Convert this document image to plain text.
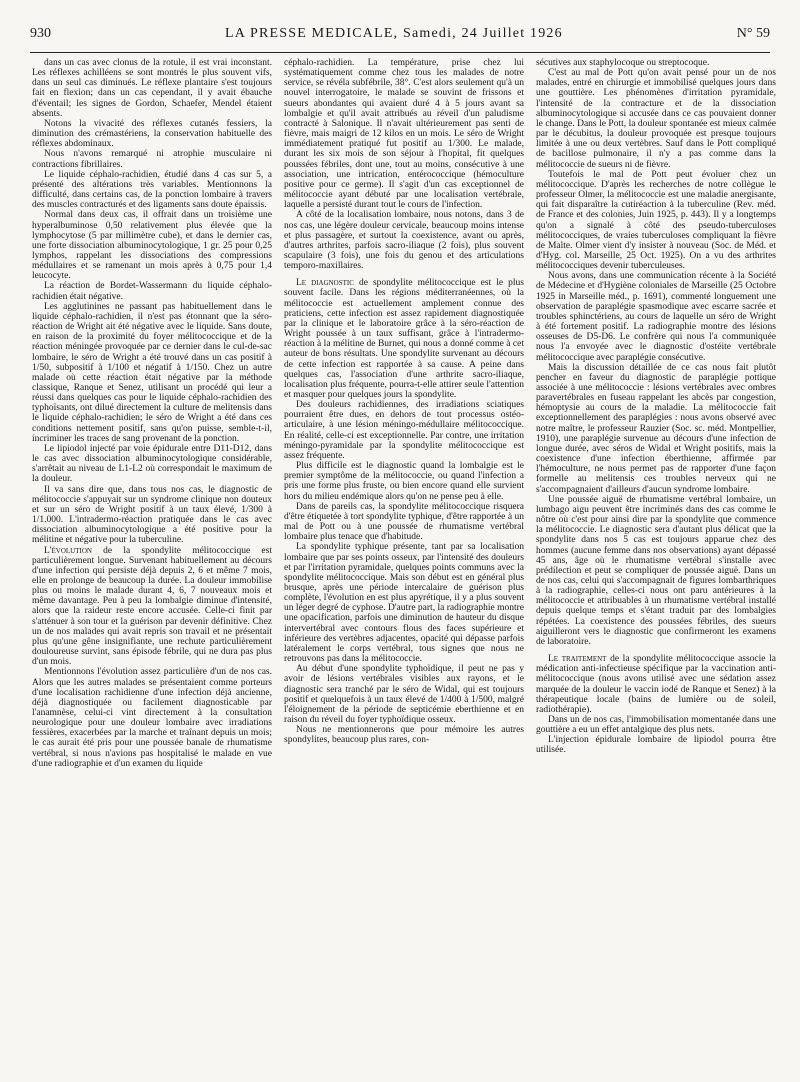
930	LA PRESSE MEDICALE, Samedi, 24 Juillet 1926	N° 59

dans un cas avec clonus de la rotule, il est vrai inconstant. Les réflexes achilléens se sont montrés le plus souvent vifs, dans un seul cas diminués. Le réflexe plantaire s'est toujours fait en flexion; dans un cas cependant, il y avait ébauche d'éventail; les signes de Gordon, Schaefer, Mendel étaient absents.

Notons la vivacité des réflexes cutanés fessiers, la diminution des crémastériens, la conservation habituelle des réflexes abdominaux.

Nous n'avons remarqué ni atrophie musculaire ni contractions fibrillaires.

Le liquide céphalo-rachidien, étudié dans 4 cas sur 5, a présenté des altérations très variables. Mentionnons la difficulté, dans certains cas, de la ponction lombaire à travers des muscles contracturés et des ligaments sans doute épaissis.

Normal dans deux cas, il offrait dans un troisième une hyperalbuminose 0,50 relativement plus élevée que la lymphocytose (5 par millimètre cube), et dans le dernier cas, une forte dissociation albuminocytologique, 1 gr. 25 pour 0,25 lymphos, rappelant les dissociations des compressions médullaires et se ramenant un mois après à 0,75 pour 1,4 leucocyte.

La réaction de Bordet-Wassermann du liquide céphalo-rachidien était négative.

Les agglutinines ne passant pas habituellement dans le liquide céphalo-rachidien, il n'est pas étonnant que la séro-réaction de Wright ait été négative avec le liquide. Sans doute, en raison de la proximité du foyer mélitococcique et de la réaction méningée provoquée par ce dernier dans le cul-de-sac lombaire, le séro de Wright a été trouvé dans un cas positif à 1/50, subpositif à 1/100 et négatif à 1/150. Chez un autre malade où cette réaction était négative par la méthode classique, Ranque et Senez, utilisant un procédé qui leur a réussi dans quelques cas pour le liquide céphalo-rachidien des typhoïsants, ont dilué directement la culture de melitensis dans le liquide céphalo-rachidien; le séro de Wright a été dans ces conditions nettement positif, sans qu'on puisse, semble-t-il, incriminer les traces de sang provenant de la ponction.

Le lipiodol injecté par voie épidurale entre D11-D12, dans le cas avec dissociation albuminocytologique considérable, s'arrêtait au niveau de L1-L2 où correspondait le maximum de la douleur.

Il va sans dire que, dans tous nos cas, le diagnostic de mélitococcie s'appuyait sur un syndrome clinique non douteux et sur un séro de Wright positif à un taux élevé, 1/300 à 1/1.000. L'intradermo-réaction pratiquée dans le cas avec dissociation albuminocytologique a été positive pour la mélitine et négative pour la tuberculine.

L'évolution de la spondylite mélitococcique est particulièrement longue. Survenant habituellement au décours d'une infection qui persiste déjà depuis 2, 6 et même 7 mois, elle en prolonge de beaucoup la durée. La douleur immobilise plus ou moins le malade durant 4, 6, 7 nouveaux mois et même davantage. Peu à peu la lombalgie diminue d'intensité, alors que la raideur reste encore accusée. Celle-ci finit par s'atténuer à son tour et la guérison par devenir définitive. Chez un de nos malades qui avait repris son travail et ne présentait plus qu'une gêne insignifiante, une rechute particulièrement douloureuse survint, sans épisode fébrile, qui ne dura pas plus d'un mois.

Mentionnons l'évolution assez particulière d'un de nos cas. Alors que les autres malades se présentaient comme porteurs d'une localisation rachidienne d'une infection déjà ancienne, déjà diagnostiquée ou facilement diagnosticable par l'anamnèse, celui-ci vint directement à la consultation neurologique pour une douleur lombaire avec irradiations fessières, exacerbées par la marche et traînant depuis un mois; le cas aurait été pris pour une poussée banale de rhumatisme vertébral, si nous n'avions pas hospitalisé le malade en vue d'une radiographie et d'un examen du liquide

céphalo-rachidien. La température, prise chez lui systématiquement comme chez tous les malades de notre service, se révéla subfébrile, 38°. C'est alors seulement qu'à un nouvel interrogatoire, le malade se souvint de frissons et sueurs abondantes qui avaient duré 4 à 5 jours avant sa lombalgie et qu'il avait attribués au réveil d'un paludisme contracté à Salonique. Il n'avait ultérieurement pas senti de fièvre, mais maigri de 12 kilos en un mois. Le séro de Wright immédiatement pratiqué fut positif au 1/300. Le malade, durant les six mois de son séjour à l'hopital, fit quelques poussées fébriles, dont une, tout au moins, consécutive à une association, une intrication, entérococcique (hémoculture positive pour ce germe). Il s'agit d'un cas exceptionnel de mélitococcie ayant débuté par une localisation vertébrale, laquelle a persisté durant tout le cours de l'infection.

A côté de la localisation lombaire, nous notons, dans 3 de nos cas, une légère douleur cervicale, beaucoup moins intense et plus passagère, et surtout la coexistence, avant ou après, d'autres arthrites, parfois sacro-iliaque (2 fois), plus souvent scapulaire (3 fois), une fois du genou et des articulations temporo-maxillaires.

Le diagnostic de spondylite mélitococcique est le plus souvent facile. Dans les régions méditerranéennes, où la mélitococcie est actuellement amplement connue des praticiens, cette infection est assez rapidement diagnostiquée par la clinique et le laboratoire grâce à la séro-réaction de Wright poussée à un taux suffisant, grâce à l'intradermo-réaction à la mélitine de Burnet, qui nous a donné comme à cet auteur de bons résultats. Une spondylite survenant au décours de cette infection est rapportée à sa cause. A peine dans quelques cas, l'association d'une arthrite sacro-iliaque, localisation plus fréquente, pourra-t-elle attirer seule l'attention et masquer pour quelques jours la spondylite.

Des douleurs rachidiennes, des irradiations sciatiques pourraient être dues, en dehors de tout processus ostéo-articulaire, à une lésion méningo-médullaire mélitococcique. En réalité, celle-ci est exceptionnelle. Par contre, une irritation méningo-pyramidale par la spondylite mélitococcique est assez fréquente.

Plus difficile est le diagnostic quand la lombalgie est le premier symptôme de la mélitococcie, ou quand l'infection a pris une forme plus fruste, ou bien encore quand elle survient hors du milieu endémique alors qu'on ne pense peu à elle.

Dans de pareils cas, la spondylite mélitococcique risquera d'être étiquetée à tort spondylite typhique, d'être rapportée à un mal de Pott ou à une poussée de rhumatisme vertébral lombaire plus tenace que d'habitude.

La spondylite typhique présente, tant par sa localisation lombaire que par ses points osseux, par l'intensité des douleurs et par l'irritation pyramidale, quelques points communs avec la spondylite mélitococcique. Mais son début est en général plus brusque, après une période intercalaire de guérison plus complète, l'évolution en est plus apyrétique, il y a plus souvent un léger degré de cyphose. D'autre part, la radiographie montre une opacification, parfois une diminution de hauteur du disque intervertébral avec contours flous des faces supérieure et inférieure des vertèbres adjacentes, opacité qui dépasse parfois latéralement le corps vertébral, tous signes que nous ne retrouvons pas dans la mélitococcie.

Au début d'une spondylite typhoïdique, il peut ne pas y avoir de lésions vertébrales visibles aux rayons, et le diagnostic sera tranché par le séro de Widal, qui est toujours positif et quelquefois à un taux élevé de 1/400 à 1/500, malgré l'éloignement de la période de septicémie eberthienne et en raison du réveil du foyer typhoïdique osseux.

Nous ne mentionnerons que pour mémoire les autres spondylites, beaucoup plus rares, con-

sécutives aux staphylocoque ou streptocoque.

C'est au mal de Pott qu'on avait pensé pour un de nos malades, entré en chirurgie et immobilisé quelques jours dans une gouttière. Les phénomènes d'irritation pyramidale, l'intensité de la contracture et de la dissociation albuminocytologique si accusée dans ce cas pouvaient donner le change. Dans le Pott, la douleur spontanée est mieux calmée par le décubitus, la douleur provoquée est presque toujours limitée à une ou deux vertèbres. Sauf dans le Pott compliqué de bacillose pulmonaire, il n'y a pas comme dans la mélitococcie de sueurs ni de fièvre.

Toutefois le mal de Pott peut évoluer chez un mélitococcique. D'après les recherches de notre collègue le professeur Olmer, la mélitococcie est une maladie anergisante, qui fait disparaître la cutiréaction à la tuberculine (Rev. méd. de France et des colonies, Juin 1925, p. 443). Il y a longtemps qu'on a signalé à côté des pseudo-tuberculoses mélitococciques, de vraies tuberculoses compliquant la fièvre de Malte. Olmer vient d'y insister à nouveau (Soc. de Méd. et d'Hyg. col. Marseille, 25 Oct. 1925). On a vu des arthrites mélitococciques devenir tuberculeuses.

Nous avons, dans une communication récente à la Société de Médecine et d'Hygiène coloniales de Marseille (25 Octobre 1925 in Marseille méd., p. 1691), commenté longuement une observation de paraplégie spasmodique avec escarre sacrée et troubles sphinctériens, au cours de laquelle un séro de Wright à été fortement positif. La radiographie montre des lésions osseuses de D5-D6. Le confrère qui nous l'a communiquée nous l'a envoyée avec le diagnostic d'ostéite vertébrale mélitococcique avec paraplégie consécutive.

Mais la discussion détaillée de ce cas nous fait plutôt pencher en faveur du diagnostic de paraplégie pottique associée à une mélitococcie : lésions vertébrales avec ombres paravertébrales en fuseau rappelant les abcès par congestion, hémoptysie au cours de la maladie. La mélitococcie fait exceptionnellement des paraplégies : nous avons observé avec notre maître, le professeur Rauzier (Soc. sc. méd. Montpellier, 1910), une paraplégie survenue au décours d'une infection de longue durée, avec séros de Widal et Wright positifs, mais la coexistence d'une infection éberthienne, affirmée par l'hémoculture, ne nous permet pas de rapporter d'une façon formelle au melitensis ces troubles nerveux qui ne s'accompagnaient d'ailleurs d'aucun syndrome lombaire.

Une poussée aiguë de rhumatisme vertébral lombaire, un lumbago aigu peuvent être incriminés dans des cas comme le nôtre où c'est pour ainsi dire par la spondylite que commence la mélitococcie. Le diagnostic sera d'autant plus délicat que la spondylite dans nos 5 cas est toujours apparue chez des hommes (aucune femme dans nos observations) ayant dépassé 45 ans, âge où le rhumatisme vertébral s'installe avec prédilection et peut se compliquer de poussée aiguë. Dans un de nos cas, celui qui s'accompagnait de figures lombarthriques à la radiographie, celles-ci nous ont paru antérieures à la mélitococcie et attribuables à un rhumatisme vertébral installé depuis quelque temps et s'étant traduit par des lombalgies répétées. La coexistence des poussées fébriles, des sueurs aiguilleront vers le diagnostic que confirmeront les examens de laboratoire.

Le traitement de la spondylite mélitococcique associe la médication anti-infectieuse spécifique par la vaccination anti-mélitococcique (nous avons utilisé avec une sédation assez marquée de la douleur le vaccin iodé de Ranque et Senez) à la thérapeutique locale (bains de lumière ou de soleil, radiothérapie).

Dans un de nos cas, l'immobilisation momentanée dans une gouttière a eu un effet antalgique des plus nets.

L'injection épidurale lombaire de lipiodol pourra être utilisée.
